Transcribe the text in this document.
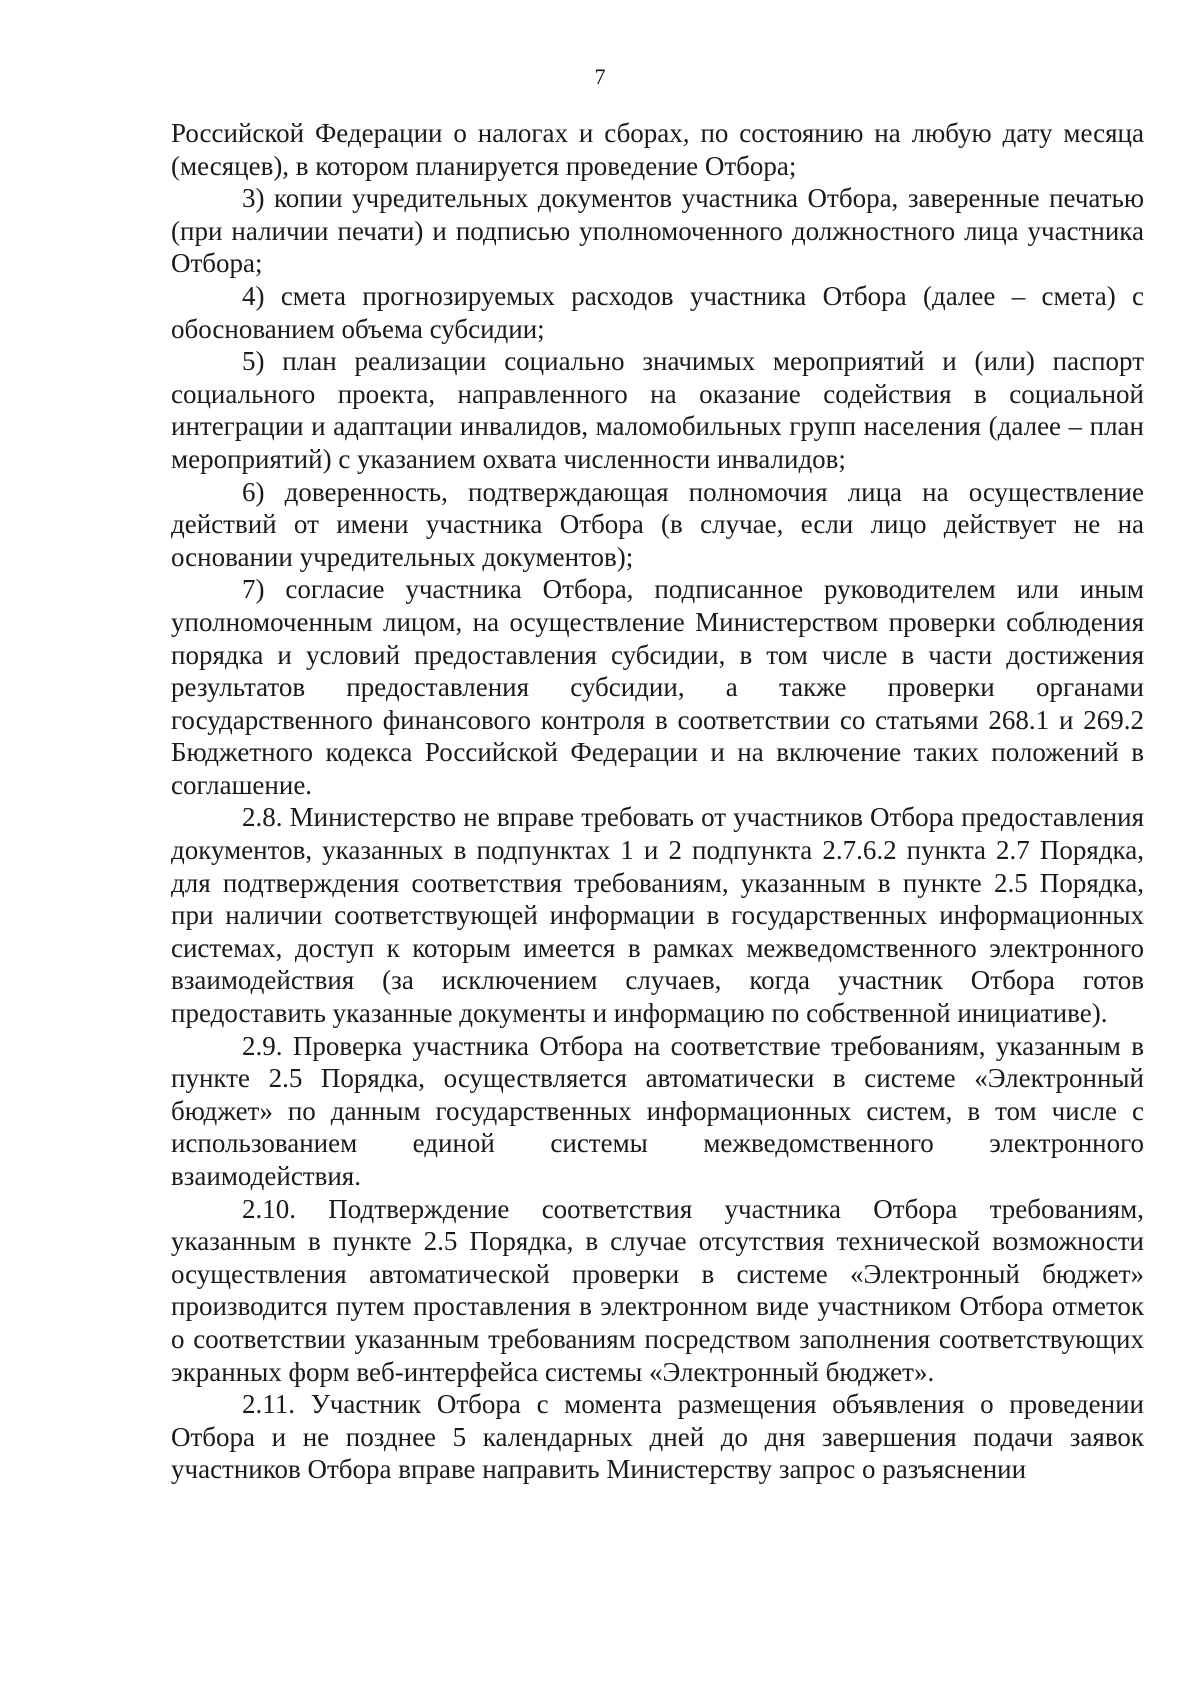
7

Российской Федерации о налогах и сборах, по состоянию на любую дату месяца (месяцев), в котором планируется проведение Отбора;

3) копии учредительных документов участника Отбора, заверенные печатью (при наличии печати) и подписью уполномоченного должностного лица участника Отбора;

4) смета прогнозируемых расходов участника Отбора (далее – смета) с обоснованием объема субсидии;

5) план реализации социально значимых мероприятий и (или) паспорт социального проекта, направленного на оказание содействия в социальной интеграции и адаптации инвалидов, маломобильных групп населения (далее – план мероприятий) с указанием охвата численности инвалидов;

6) доверенность, подтверждающая полномочия лица на осуществление действий от имени участника Отбора (в случае, если лицо действует не на основании учредительных документов);

7) согласие участника Отбора, подписанное руководителем или иным уполномоченным лицом, на осуществление Министерством проверки соблюдения порядка и условий предоставления субсидии, в том числе в части достижения результатов предоставления субсидии, а также проверки органами государственного финансового контроля в соответствии со статьями 268.1 и 269.2 Бюджетного кодекса Российской Федерации и на включение таких положений в соглашение.

2.8. Министерство не вправе требовать от участников Отбора предоставления документов, указанных в подпунктах 1 и 2 подпункта 2.7.6.2 пункта 2.7 Порядка, для подтверждения соответствия требованиям, указанным в пункте 2.5 Порядка, при наличии соответствующей информации в государственных информационных системах, доступ к которым имеется в рамках межведомственного электронного взаимодействия (за исключением случаев, когда участник Отбора готов предоставить указанные документы и информацию по собственной инициативе).

2.9. Проверка участника Отбора на соответствие требованиям, указанным в пункте 2.5 Порядка, осуществляется автоматически в системе «Электронный бюджет» по данным государственных информационных систем, в том числе с использованием единой системы межведомственного электронного взаимодействия.

2.10. Подтверждение соответствия участника Отбора требованиям, указанным в пункте 2.5 Порядка, в случае отсутствия технической возможности осуществления автоматической проверки в системе «Электронный бюджет» производится путем проставления в электронном виде участником Отбора отметок о соответствии указанным требованиям посредством заполнения соответствующих экранных форм веб-интерфейса системы «Электронный бюджет».

2.11. Участник Отбора с момента размещения объявления о проведении Отбора и не позднее 5 календарных дней до дня завершения подачи заявок участников Отбора вправе направить Министерству запрос о разъяснении
